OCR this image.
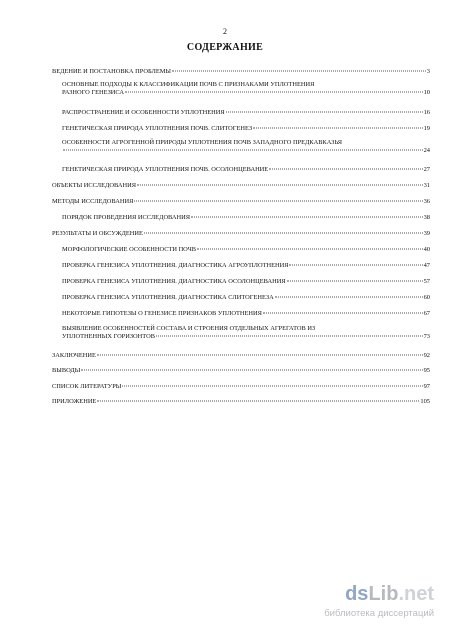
2
СОДЕРЖАНИЕ
ВЕДЕНИЕ И ПОСТАНОВКА ПРОБЛЕМЫ	3
ОСНОВНЫЕ ПОДХОДЫ К КЛАССИФИКАЦИИ ПОЧВ С ПРИЗНАКАМИ УПЛОТНЕНИЯ
РАЗНОГО ГЕНЕЗИСА	10
РАСПРОСТРАНЕНИЕ И ОСОБЕННОСТИ УПЛОТНЕНИЯ	16
ГЕНЕТИЧЕСКАЯ ПРИРОДА УПЛОТНЕНИЯ ПОЧВ. СЛИТОГЕНЕЗ	19
ОСОБЕННОСТИ АГРОГЕННОЙ ПРИРОДЫ УПЛОТНЕНИЯ ПОЧВ ЗАПАДНОГО ПРЕДКАВКАЗЬЯ
24
ГЕНЕТИЧЕСКАЯ ПРИРОДА УПЛОТНЕНИЯ ПОЧВ. ОСОЛОНЦЕВАНИЕ	27
ОБЪЕКТЫ ИССЛЕДОВАНИЯ	31
МЕТОДЫ ИССЛЕДОВАНИЯ	36
ПОРЯДОК ПРОВЕДЕНИЯ ИССЛЕДОВАНИЯ	38
РЕЗУЛЬТАТЫ И ОБСУЖДЕНИЕ	39
МОРФОЛОГИЧЕСКИЕ ОСОБЕННОСТИ ПОЧВ	40
ПРОВЕРКА ГЕНЕЗИСА УПЛОТНЕНИЯ. ДИАГНОСТИКА АГРОУПЛОТНЕНИЯ	47
ПРОВЕРКА ГЕНЕЗИСА УПЛОТНЕНИЯ. ДИАГНОСТИКА ОСОЛОНЦЕВАНИЯ	57
ПРОВЕРКА ГЕНЕЗИСА УПЛОТНЕНИЯ. ДИАГНОСТИКА СЛИТОГЕНЕЗА	60
НЕКОТОРЫЕ ГИПОТЕЗЫ О ГЕНЕЗИСЕ ПРИЗНАКОВ УПЛОТНЕНИЯ	67
ВЫЯВЛЕНИЕ ОСОБЕННОСТЕЙ СОСТАВА И СТРОЕНИЯ ОТДЕЛЬНЫХ АГРЕГАТОВ ИЗ
УПЛОТНЕННЫХ ГОРИЗОНТОВ	73
ЗАКЛЮЧЕНИЕ	92
ВЫВОДЫ	95
СПИСОК ЛИТЕРАТУРЫ	97
ПРИЛОЖЕНИЕ	105
dsLib.net
библиотека диссертаций
